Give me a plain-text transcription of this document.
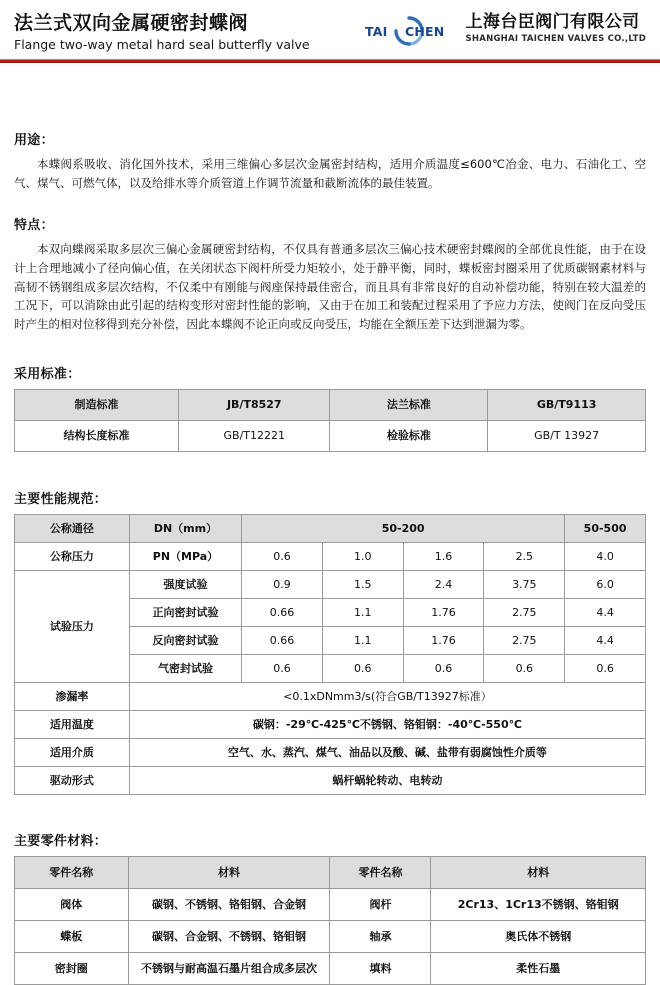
法兰式双向金属硬密封蝶阀
Flange two-way metal hard seal butterfly valve
TAI CHEN 上海台臣阀门有限公司
SHANGHAI TAICHEN VALVES CO.,LTD
用途：

本蝶阀系吸收、消化国外技术，采用三维偏心多层次金属密封结构，适用介质温度≤600℃冶金、电力、石油化工、空气、煤气、可燃气体，以及给排水等介质管道上作调节流量和截断流体的最佳装置。

特点：

本双向蝶阀采取多层次三偏心金属硬密封结构，不仅具有普通多层次三偏心技术硬密封蝶阀的全部优良性能，由于在设计上合理地减小了径向偏心值，在关闭状态下阀杆所受力矩较小，处于静平衡，同时，蝶板密封圈采用了优质碳钢素材料与高韧不锈钢组成多层次结构，不仅柔中有刚能与阀座保持最佳密合，而且具有非常良好的自动补偿功能，特别在较大温差的工况下，可以消除由此引起的结构变形对密封性能的影响，又由于在加工和装配过程采用了予应力方法，使阀门在反向受压时产生的相对位移得到充分补偿，因此本蝶阀不论正向或反向受压，均能在全额压差下达到泄漏为零。

采用标准：
制造标准	JB/T8527	法兰标准	GB/T9113
结构长度标准	GB/T12221	检验标准	GB/T 13927
主要性能规范：
公称通径	DN（mm）	50-200				50-500
公称压力	PN（MPa）	0.6	1.0	1.6	2.5	4.0
试验压力	强度试验	0.9	1.5	2.4	3.75	6.0
	正向密封试验	0.66	1.1	1.76	2.75	4.4
	反向密封试验	0.66	1.1	1.76	2.75	4.4
	气密封试验	0.6	0.6	0.6	0.6	0.6
渗漏率	<0.1xDNmm3/s(符合GB/T13927标准）					
适用温度	碳钢：-29℃-425℃不锈钢、铬钼钢：-40℃-550℃					
适用介质	空气、水、蒸汽、煤气、油品以及酸、碱、盐带有弱腐蚀性介质等					
驱动形式	蜗杆蜗轮转动、电转动					
主要零件材料：
零件名称	材料	零件名称	材料
阀体	碳钢、不锈钢、铬钼钢、合金钢	阀杆	2Cr13、1Cr13不锈钢、铬钼钢
蝶板	碳钢、合金钢、不锈钢、铬钼钢	轴承	奥氏体不锈钢
密封圈	不锈钢与耐高温石墨片组合成多层次	填料	柔性石墨
